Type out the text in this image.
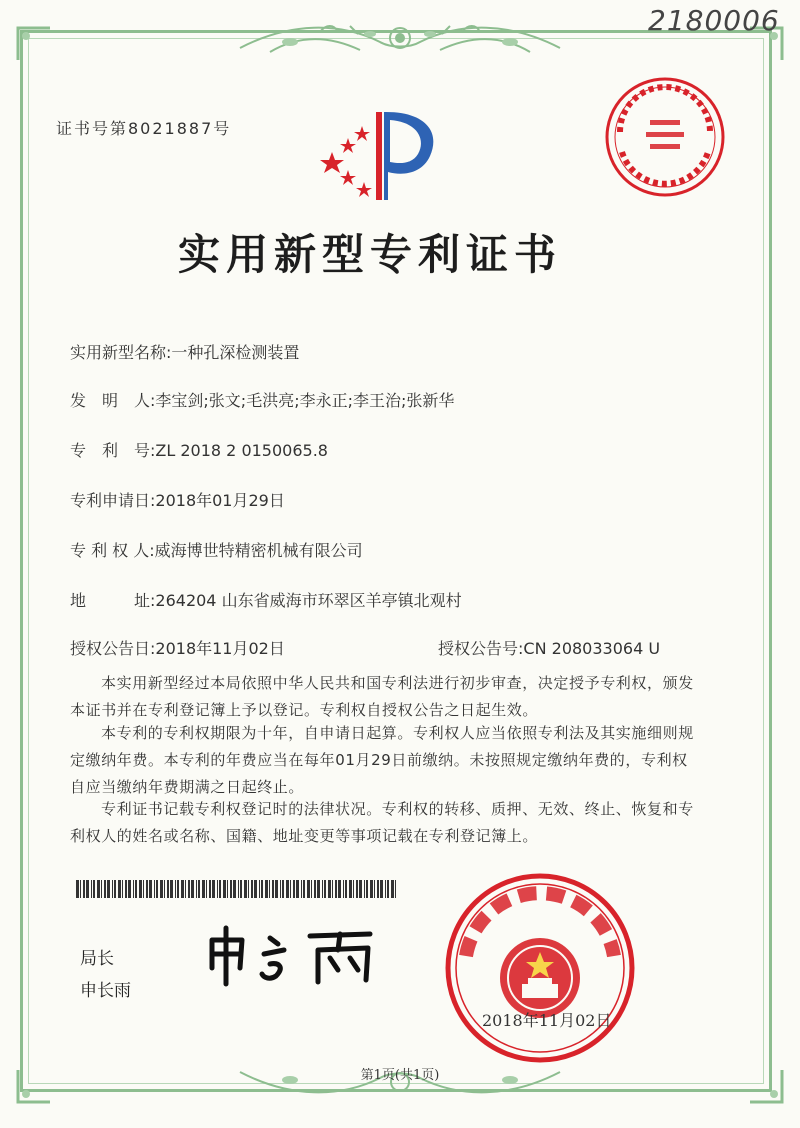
2180006
证书号第8021887号
实用新型专利证书
实用新型名称:一种孔深检测装置
发　明　人:李宝剑;张文;毛洪亮;李永正;李王治;张新华
专　利　号:ZL 2018 2 0150065.8
专利申请日:2018年01月29日
专 利 权 人:威海博世特精密机械有限公司
地　　　址:264204 山东省威海市环翠区羊亭镇北观村
授权公告日:2018年11月02日	授权公告号:CN 208033064 U
本实用新型经过本局依照中华人民共和国专利法进行初步审查，决定授予专利权，颁发本证书并在专利登记簿上予以登记。专利权自授权公告之日起生效。
本专利的专利权期限为十年，自申请日起算。专利权人应当依照专利法及其实施细则规定缴纳年费。本专利的年费应当在每年01月29日前缴纳。未按照规定缴纳年费的，专利权自应当缴纳年费期满之日起终止。
专利证书记载专利权登记时的法律状况。专利权的转移、质押、无效、终止、恢复和专利权人的姓名或名称、国籍、地址变更等事项记载在专利登记簿上。
局长
申长雨
2018年11月02日
第1页(共1页)
